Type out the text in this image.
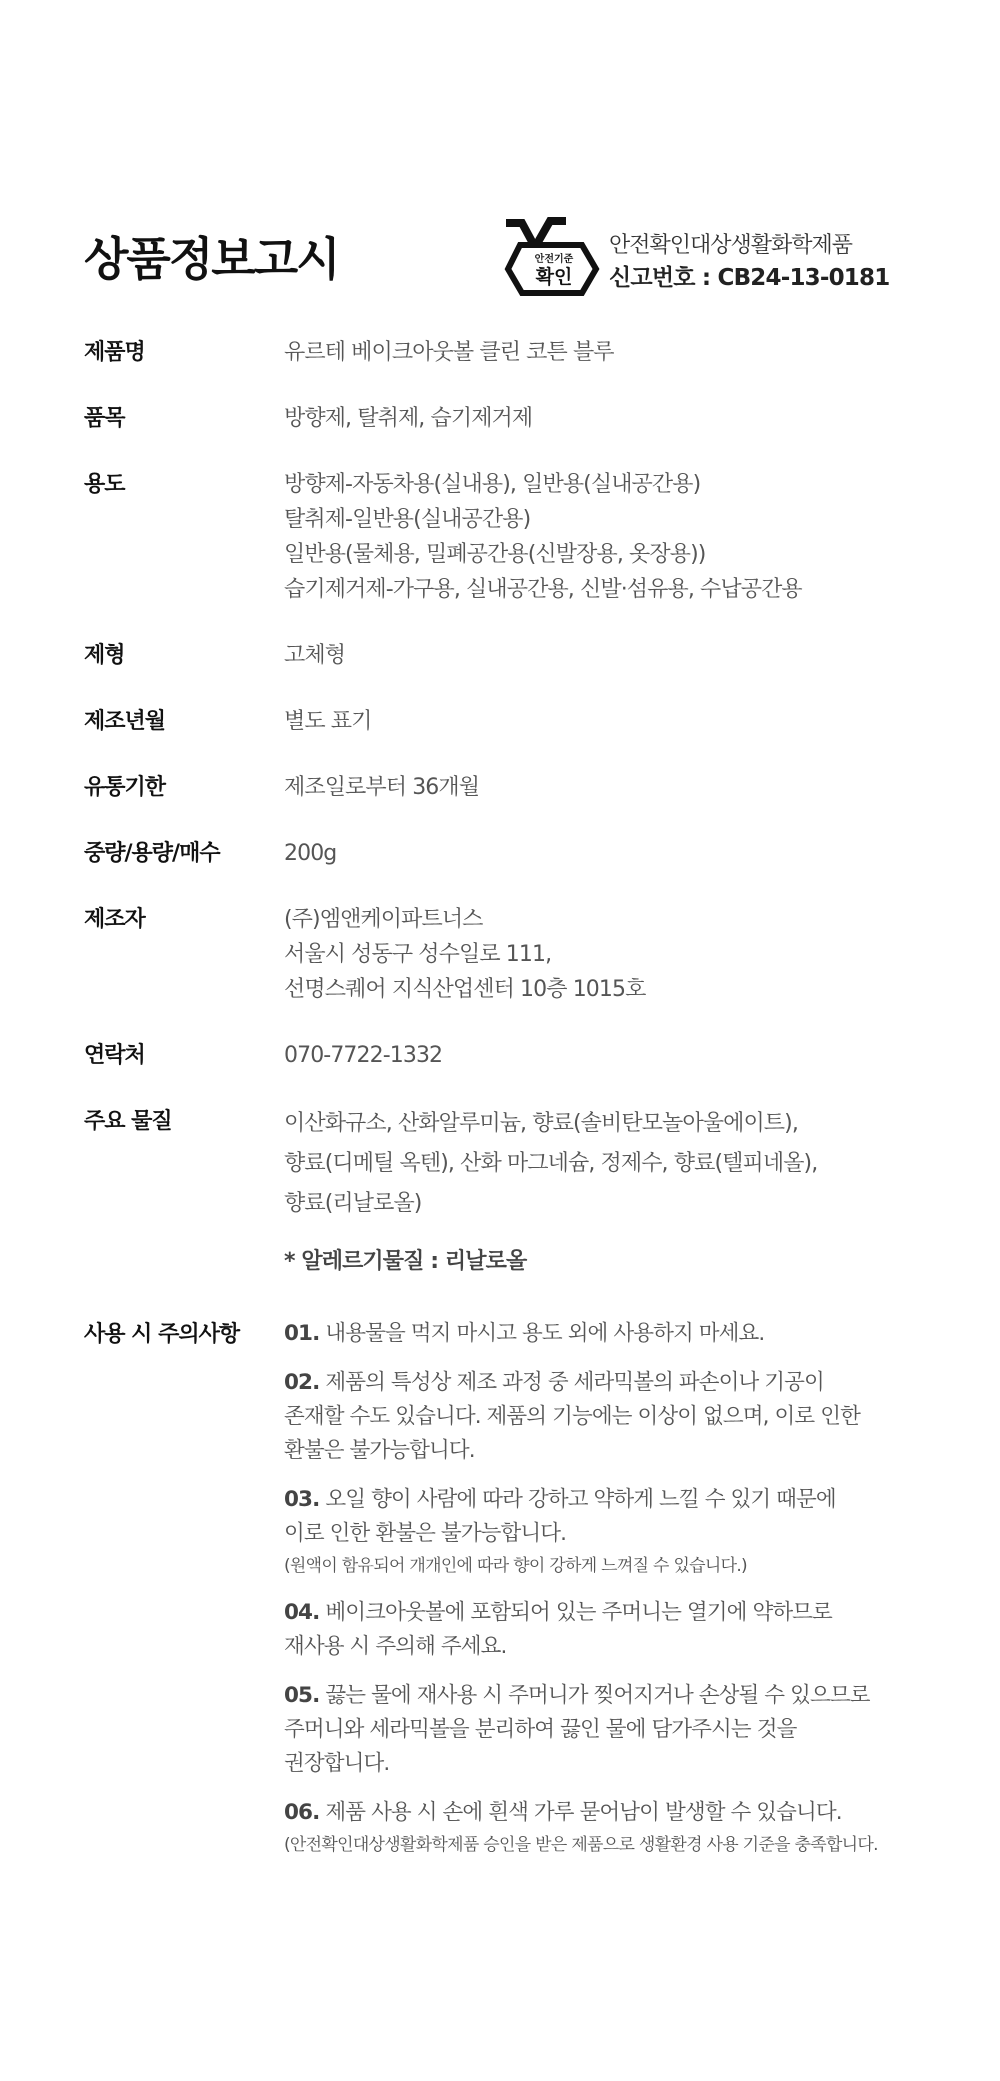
상품정보고시	안전기준
확인
안전확인대상생활화학제품
신고번호 : CB24-13-0181
제품명	유르테 베이크아웃볼 클린 코튼 블루
품목	방향제, 탈취제, 습기제거제
용도	방향제-자동차용(실내용), 일반용(실내공간용)
탈취제-일반용(실내공간용)
일반용(물체용, 밀폐공간용(신발장용, 옷장용))
습기제거제-가구용, 실내공간용, 신발·섬유용, 수납공간용
제형	고체형
제조년월	별도 표기
유통기한	제조일로부터 36개월
중량/용량/매수	200g
제조자	(주)엠앤케이파트너스
서울시 성동구 성수일로 111,
선명스퀘어 지식산업센터 10층 1015호
연락처	070-7722-1332
주요 물질	이산화규소, 산화알루미늄, 향료(솔비탄모놀아울에이트),
향료(디메틸 옥텐), 산화 마그네슘, 정제수, 향료(텔피네올),
향료(리날로올)
* 알레르기물질 : 리날로올
사용 시 주의사항 01. 내용물을 먹지 마시고 용도 외에 사용하지 마세요.
02. 제품의 특성상 제조 과정 중 세라믹볼의 파손이나 기공이
존재할 수도 있습니다. 제품의 기능에는 이상이 없으며, 이로 인한
환불은 불가능합니다.
03. 오일 향이 사람에 따라 강하고 약하게 느낄 수 있기 때문에
이로 인한 환불은 불가능합니다.
(원액이 함유되어 개개인에 따라 향이 강하게 느껴질 수 있습니다.)
04. 베이크아웃볼에 포함되어 있는 주머니는 열기에 약하므로
재사용 시 주의해 주세요.
05. 끓는 물에 재사용 시 주머니가 찢어지거나 손상될 수 있으므로
주머니와 세라믹볼을 분리하여 끓인 물에 담가주시는 것을
권장합니다.
06. 제품 사용 시 손에 흰색 가루 묻어남이 발생할 수 있습니다.
(안전확인대상생활화학제품 승인을 받은 제품으로 생활환경 사용 기준을 충족합니다.
